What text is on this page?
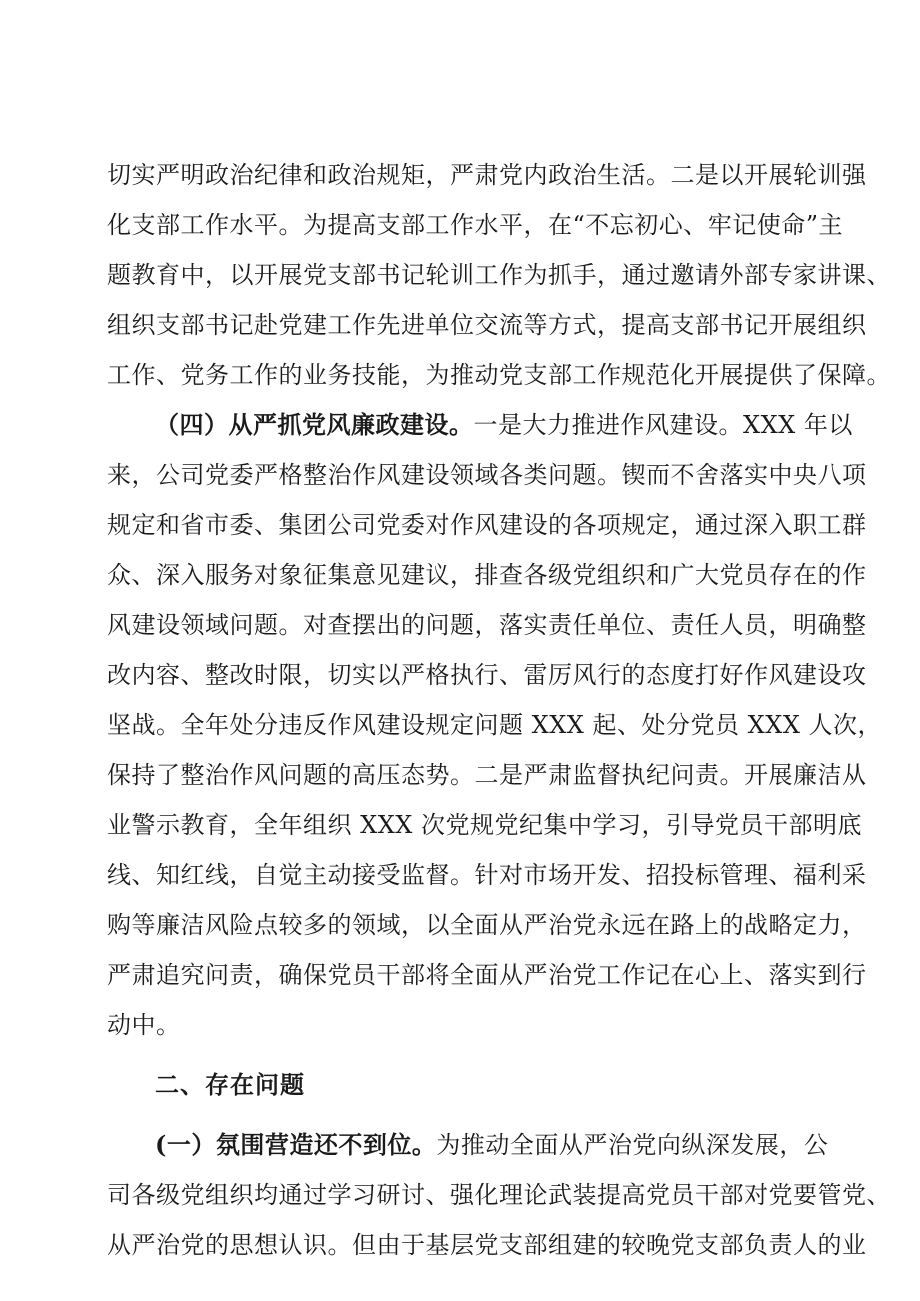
切实严明政治纪律和政治规矩，严肃党内政治生活。二是以开展轮训强
化支部工作水平。为提高支部工作水平，在“不忘初心、牢记使命”主
题教育中，以开展党支部书记轮训工作为抓手，通过邀请外部专家讲课、
组织支部书记赴党建工作先进单位交流等方式，提高支部书记开展组织
工作、党务工作的业务技能，为推动党支部工作规范化开展提供了保障。
（四）从严抓党风廉政建设。一是大力推进作风建设。XXX 年以
来，公司党委严格整治作风建设领域各类问题。锲而不舍落实中央八项
规定和省市委、集团公司党委对作风建设的各项规定，通过深入职工群
众、深入服务对象征集意见建议，排查各级党组织和广大党员存在的作
风建设领域问题。对查摆出的问题，落实责任单位、责任人员，明确整
改内容、整改时限，切实以严格执行、雷厉风行的态度打好作风建设攻
坚战。全年处分违反作风建设规定问题 XXX 起、处分党员 XXX 人次，
保持了整治作风问题的高压态势。二是严肃监督执纪问责。开展廉洁从
业警示教育，全年组织 XXX 次党规党纪集中学习，引导党员干部明底
线、知红线，自觉主动接受监督。针对市场开发、招投标管理、福利采
购等廉洁风险点较多的领域，以全面从严治党永远在路上的战略定力，
严肃追究问责，确保党员干部将全面从严治党工作记在心上、落实到行
动中。
二、存在问题
(一）氛围营造还不到位。为推动全面从严治党向纵深发展，公
司各级党组织均通过学习研讨、强化理论武装提高党员干部对党要管党、
从严治党的思想认识。但由于基层党支部组建的较晚党支部负责人的业
